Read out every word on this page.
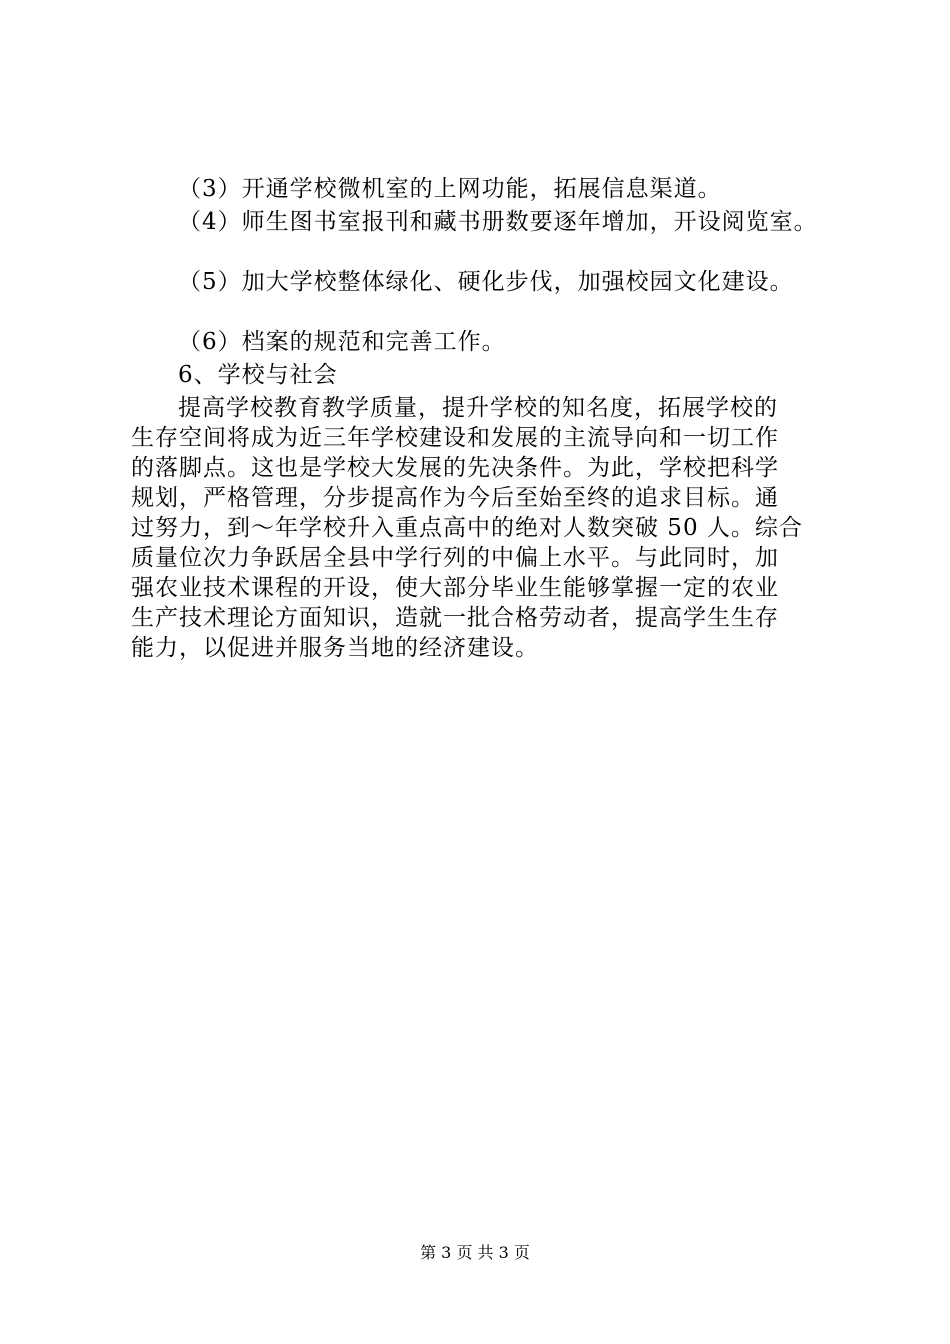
（3）开通学校微机室的上网功能，拓展信息渠道。
（4）师生图书室报刊和藏书册数要逐年增加，开设阅览室。
（5）加大学校整体绿化、硬化步伐，加强校园文化建设。
（6）档案的规范和完善工作。
6、学校与社会
提高学校教育教学质量，提升学校的知名度，拓展学校的
生存空间将成为近三年学校建设和发展的主流导向和一切工作
的落脚点。这也是学校大发展的先决条件。为此，学校把科学
规划，严格管理，分步提高作为今后至始至终的追求目标。通
过努力，到～年学校升入重点高中的绝对人数突破 50 人。综合
质量位次力争跃居全县中学行列的中偏上水平。与此同时，加
强农业技术课程的开设，使大部分毕业生能够掌握一定的农业
生产技术理论方面知识，造就一批合格劳动者，提高学生生存
能力，以促进并服务当地的经济建设。
第 3 页 共 3 页
